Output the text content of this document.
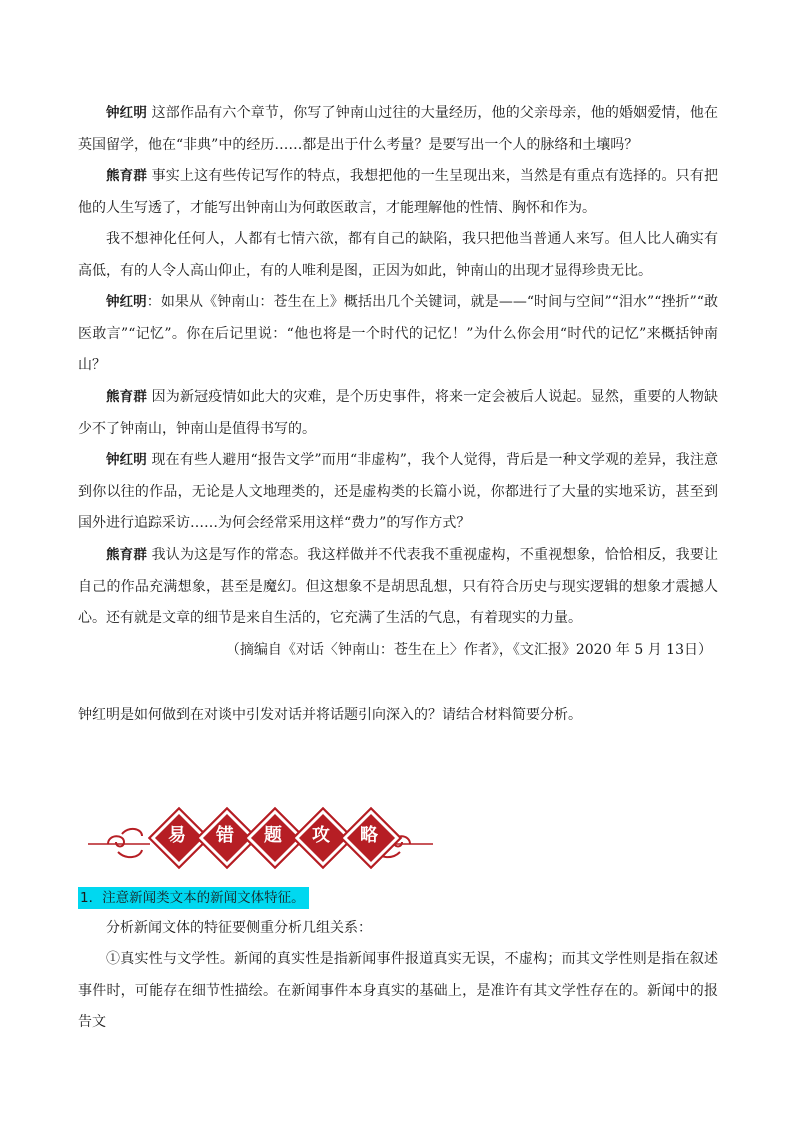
钟红明 这部作品有六个章节，你写了钟南山过往的大量经历，他的父亲母亲，他的婚姻爱情，他在英国留学，他在“非典”中的经历……都是出于什么考量？是要写出一个人的脉络和土壤吗？

熊育群 事实上这有些传记写作的特点，我想把他的一生呈现出来，当然是有重点有选择的。只有把他的人生写透了，才能写出钟南山为何敢医敢言，才能理解他的性情、胸怀和作为。

我不想神化任何人，人都有七情六欲，都有自己的缺陷，我只把他当普通人来写。但人比人确实有高低，有的人令人高山仰止，有的人唯利是图，正因为如此，钟南山的出现才显得珍贵无比。

钟红明：如果从《钟南山：苍生在上》概括出几个关键词，就是——“时间与空间”“泪水”“挫折”“敢医敢言”“记忆”。你在后记里说：“他也将是一个时代的记忆！”为什么你会用“时代的记忆”来概括钟南山？

熊育群 因为新冠疫情如此大的灾难，是个历史事件，将来一定会被后人说起。显然，重要的人物缺少不了钟南山，钟南山是值得书写的。

钟红明 现在有些人避用“报告文学”而用“非虚构”，我个人觉得，背后是一种文学观的差异，我注意到你以往的作品，无论是人文地理类的，还是虚构类的长篇小说，你都进行了大量的实地采访，甚至到国外进行追踪采访……为何会经常采用这样“费力”的写作方式？

熊育群 我认为这是写作的常态。我这样做并不代表我不重视虚构，不重视想象，恰恰相反，我要让自己的作品充满想象，甚至是魔幻。但这想象不是胡思乱想，只有符合历史与现实逻辑的想象才震撼人心。还有就是文章的细节是来自生活的，它充满了生活的气息，有着现实的力量。

（摘编自《对话〈钟南山：苍生在上〉作者》，《文汇报》2020 年 5 月 13日）
钟红明是如何做到在对谈中引发对话并将话题引向深入的？请结合材料简要分析。
易	错	题	攻	略
1．注意新闻类文本的新闻文体特征。

分析新闻文体的特征要侧重分析几组关系：

①真实性与文学性。新闻的真实性是指新闻事件报道真实无误，不虚构；而其文学性则是指在叙述事件时，可能存在细节性描绘。在新闻事件本身真实的基础上，是准许有其文学性存在的。新闻中的报告文
